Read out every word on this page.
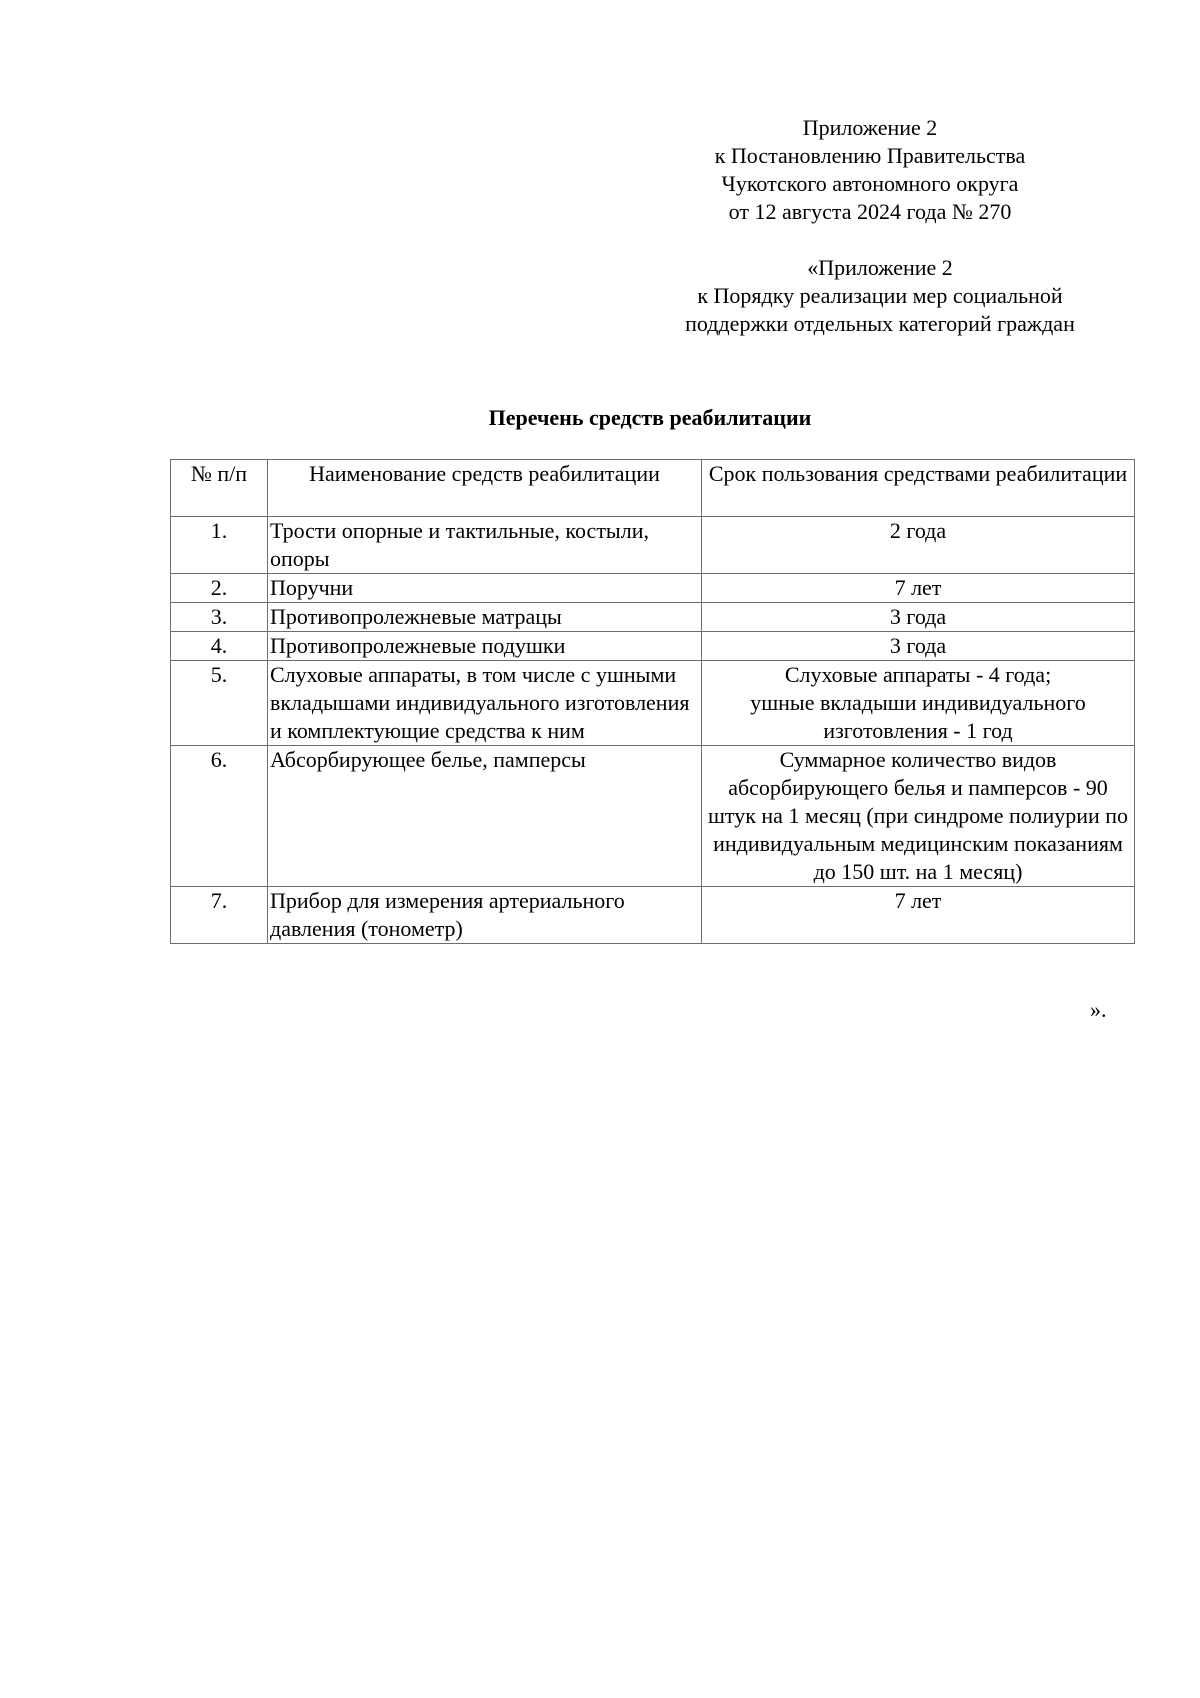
Приложение 2
к Постановлению Правительства
Чукотского автономного округа
от 12 августа 2024 года № 270
«Приложение 2
к Порядку реализации мер социальной
поддержки отдельных категорий граждан
Перечень средств реабилитации
№ п/п	Наименование средств реабилитации	Срок пользования средствами реабилитации
1.	Трости опорные и тактильные, костыли, опоры	2 года
2.	Поручни	7 лет
3.	Противопролежневые матрацы	3 года
4.	Противопролежневые подушки	3 года
5.	Слуховые аппараты, в том числе с ушными вкладышами индивидуального изготовления и комплектующие средства к ним	Слуховые аппараты - 4 года;
ушные вкладыши индивидуального изготовления - 1 год

6.	Абсорбирующее белье, памперсы	Суммарное количество видов абсорбирующего белья и памперсов - 90 штук на 1 месяц (при синдроме полиурии по индивидуальным медицинским показаниям до 150 шт. на 1 месяц)
7.	Прибор для измерения артериального давления (тонометр)	7 лет
».
